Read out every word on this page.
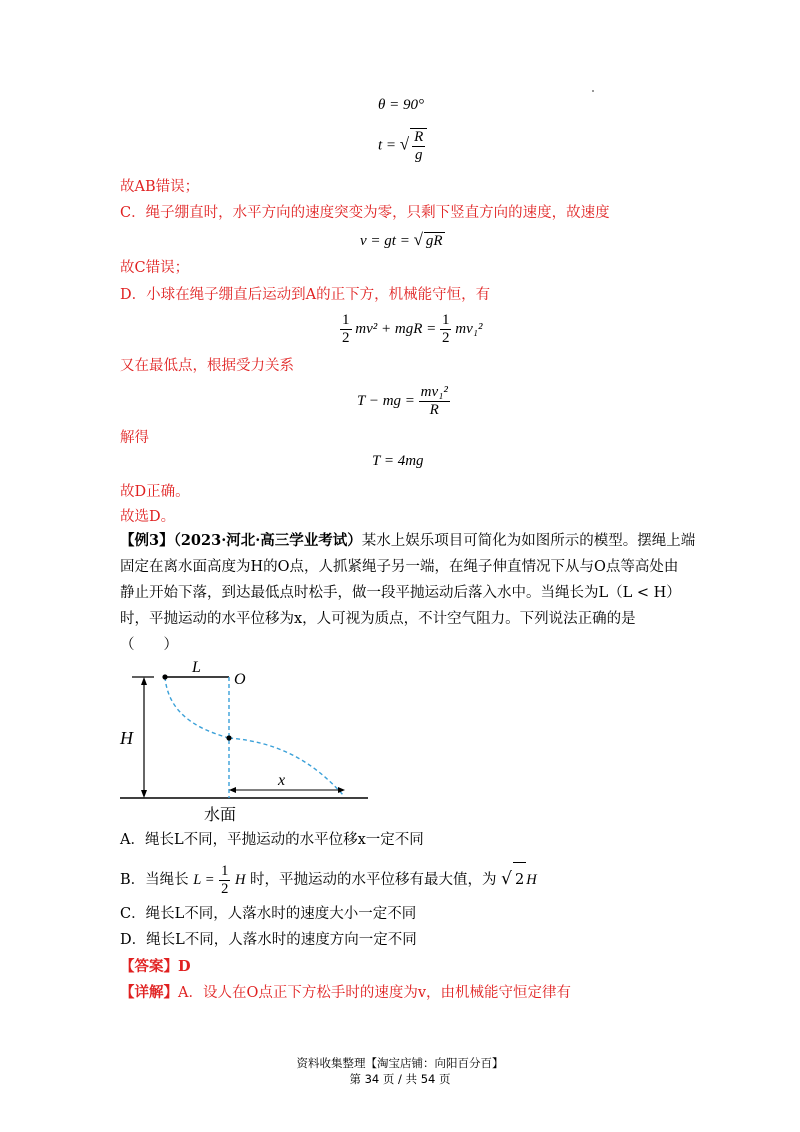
θ = 90°
t = √ $\frac{R}{g}$
故AB错误；
C．绳子绷直时，水平方向的速度突变为零，只剩下竖直方向的速度，故速度
v = gt = √ gR
故C错误；
D．小球在绳子绷直后运动到A的正下方，机械能守恒，有
$\frac{1}{2} mv^2$ + mgR = $\frac{1}{2} mv_1^2$
又在最低点，根据受力关系
T − mg = $\frac{\text{mv₁²}}{R}$
解得
T = 4mg
故D正确。
故选D。
【例3】（2023·河北·高三学业考试）某水上娱乐项目可简化为如图所示的模型。摆绳上端
固定在离水面高度为H的O点，人抓紧绳子另一端，在绳子伸直情况下从与O点等高处由
静止开始下落，到达最低点时松手，做一段平抛运动后落入水中。当绳长为L（L < H）
时，平抛运动的水平位移为x，人可视为质点，不计空气阻力。下列说法正确的是
（　　）
L
O
H
x
水面
A．绳长L不同，平抛运动的水平位移x一定不同
B．当绳长 $L = \frac{1}{2}$ H 时，平抛运动的水平位移有最大值，为 √ 2 H
C．绳长L不同，人落水时的速度大小一定不同
D．绳长L不同，人落水时的速度方向一定不同
【答案】D
【详解】A．设人在O点正下方松手时的速度为v，由机械能守恒定律有
资料收集整理【淘宝店铺：向阳百分百】
第 34 页 / 共 54 页
